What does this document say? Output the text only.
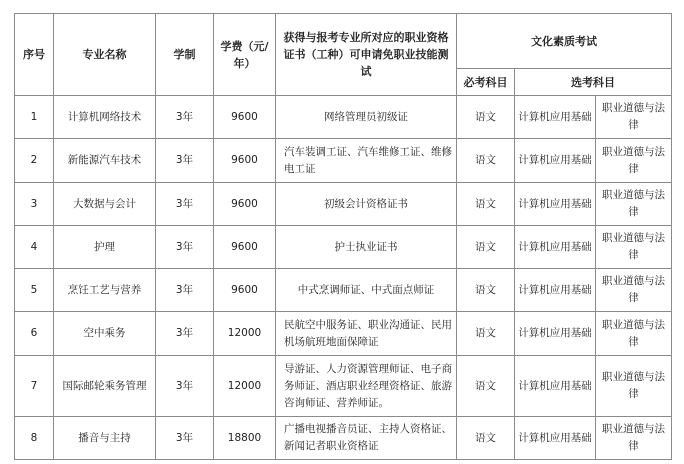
序号	专业名称	学制	学费（元/年）	获得与报考专业所对应的职业资格证书（工种）可申请免职业技能测试	文化素质考试		
					必考科目	选考科目	
1	计算机网络技术	3年	9600	网络管理员初级证	语文	计算机应用基础	职业道德与法律
2	新能源汽车技术	3年	9600	汽车装调工证、汽车维修工证、维修电工证	语文	计算机应用基础	职业道德与法律
3	大数据与会计	3年	9600	初级会计资格证书	语文	计算机应用基础	职业道德与法律
4	护理	3年	9600	护士执业证书	语文	计算机应用基础	职业道德与法律
5	烹饪工艺与营养	3年	9600	中式烹调师证、中式面点师证	语文	计算机应用基础	职业道德与法律
6	空中乘务	3年	12000	民航空中服务证、职业沟通证、民用机场航班地面保障证	语文	计算机应用基础	职业道德与法律
7	国际邮轮乘务管理	3年	12000	导游证、人力资源管理师证、电子商务师证、酒店职业经理资格证、旅游咨询师证、营养师证。	语文	计算机应用基础	职业道德与法律
8	播音与主持	3年	18800	广播电视播音员证、主持人资格证、新闻记者职业资格证	语文	计算机应用基础	职业道德与法律
